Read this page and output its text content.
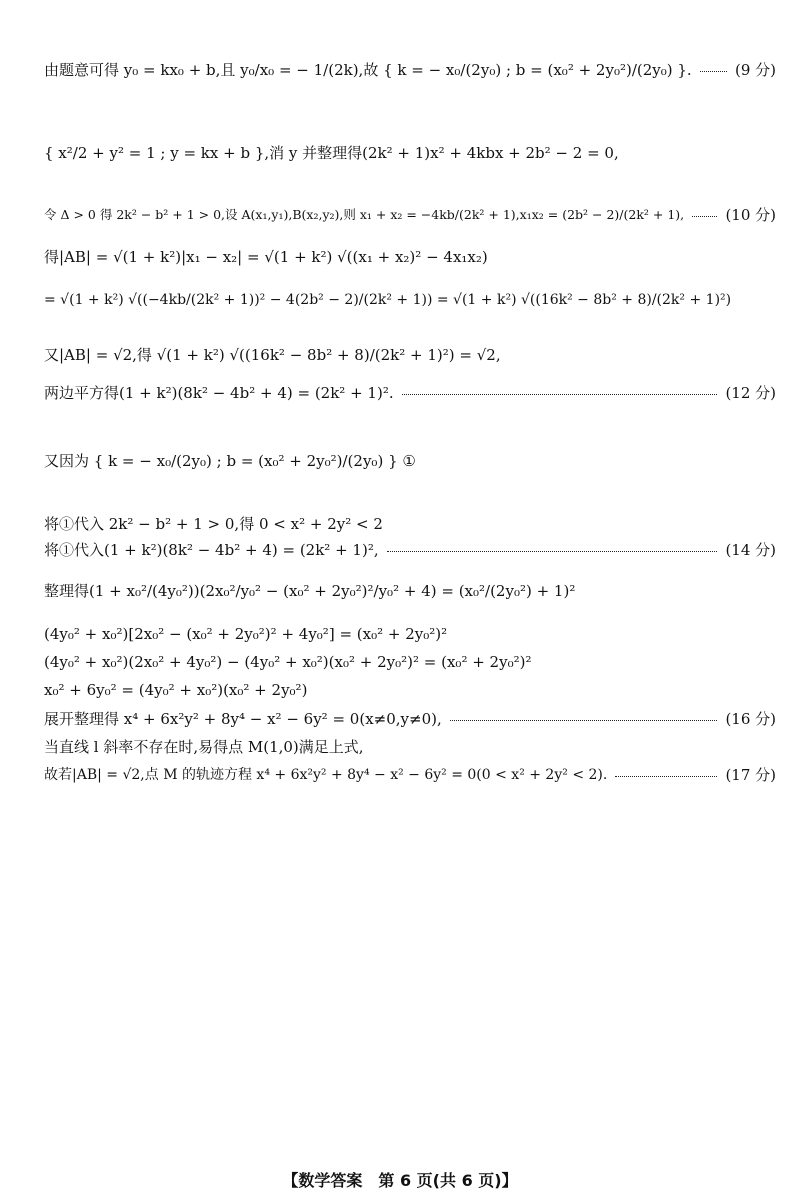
由题意可得 y₀ = kx₀ + b,且 y₀/x₀ = − 1/(2k),故 { k = − x₀/(2y₀) ; b = (x₀² + 2y₀²)/(2y₀) }.	(9 分)
{ x²/2 + y² = 1 ; y = kx + b },消 y 并整理得(2k² + 1)x² + 4kbx + 2b² − 2 = 0,
令 Δ > 0 得 2k² − b² + 1 > 0,设 A(x₁,y₁),B(x₂,y₂),则 x₁ + x₂ = −4kb/(2k² + 1),x₁x₂ = (2b² − 2)/(2k² + 1),	(10 分)
得|AB| = √(1 + k²)|x₁ − x₂| = √(1 + k²) √((x₁ + x₂)² − 4x₁x₂)
= √(1 + k²) √((−4kb/(2k² + 1))² − 4(2b² − 2)/(2k² + 1)) = √(1 + k²) √((16k² − 8b² + 8)/(2k² + 1)²)
又|AB| = √2,得 √(1 + k²) √((16k² − 8b² + 8)/(2k² + 1)²) = √2,
两边平方得(1 + k²)(8k² − 4b² + 4) = (2k² + 1)².	(12 分)
又因为 { k = − x₀/(2y₀) ; b = (x₀² + 2y₀²)/(2y₀) } ①
将①代入 2k² − b² + 1 > 0,得 0 < x² + 2y² < 2
将①代入(1 + k²)(8k² − 4b² + 4) = (2k² + 1)²,	(14 分)
整理得(1 + x₀²/(4y₀²))(2x₀²/y₀² − (x₀² + 2y₀²)²/y₀² + 4) = (x₀²/(2y₀²) + 1)²
(4y₀² + x₀²)[2x₀² − (x₀² + 2y₀²)² + 4y₀²] = (x₀² + 2y₀²)²
(4y₀² + x₀²)(2x₀² + 4y₀²) − (4y₀² + x₀²)(x₀² + 2y₀²)² = (x₀² + 2y₀²)²
x₀² + 6y₀² = (4y₀² + x₀²)(x₀² + 2y₀²)
展开整理得 x⁴ + 6x²y² + 8y⁴ − x² − 6y² = 0(x≠0,y≠0),	(16 分)
当直线 l 斜率不存在时,易得点 M(1,0)满足上式,
故若|AB| = √2,点 M 的轨迹方程 x⁴ + 6x²y² + 8y⁴ − x² − 6y² = 0(0 < x² + 2y² < 2).	(17 分)
【数学答案　第 6 页(共 6 页)】
